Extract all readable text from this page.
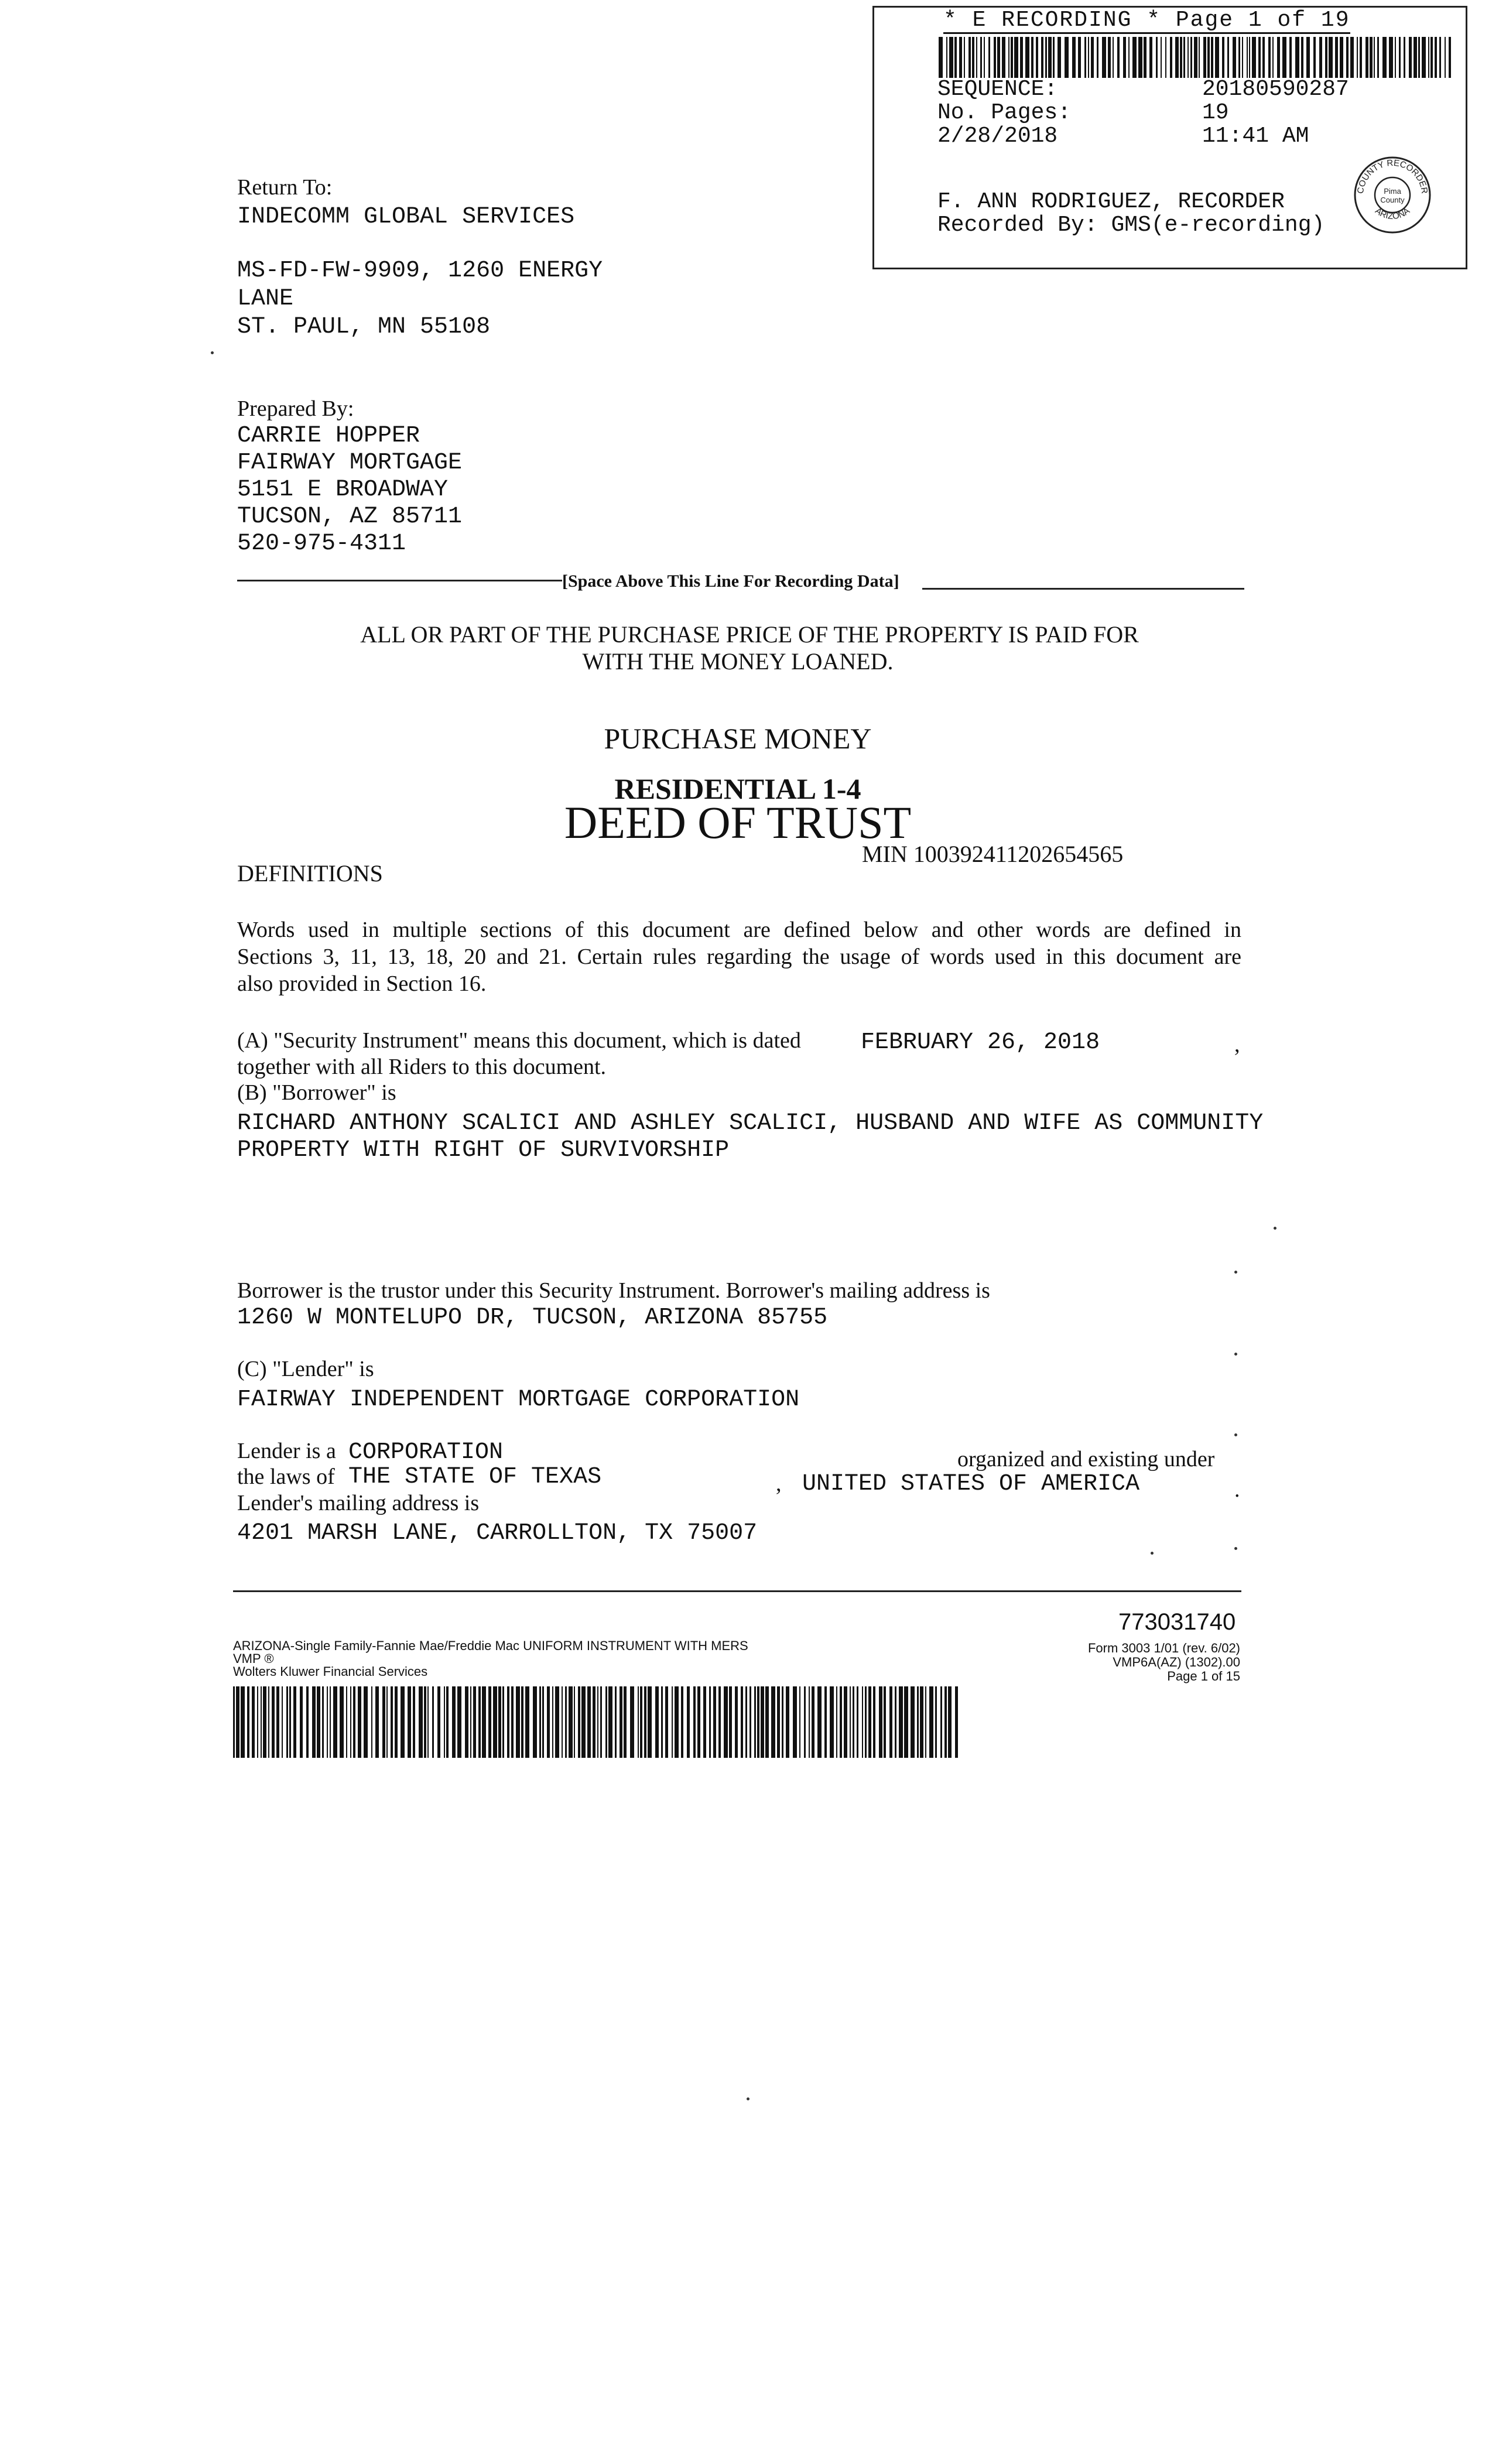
* E RECORDING * Page 1 of 19
SEQUENCE:	20180590287
No. Pages:	19
2/28/2018	11:41 AM
F. ANN RODRIGUEZ, RECORDER
Recorded By: GMS(e-recording)
COUNTY RECORDER
ARIZONA
Pima
County
Return To:
INDECOMM GLOBAL SERVICES
MS-FD-FW-9909, 1260 ENERGY
LANE
ST. PAUL, MN 55108
Prepared By:
CARRIE HOPPER
FAIRWAY MORTGAGE
5151 E BROADWAY
TUCSON, AZ 85711
520-975-4311
[Space Above This Line For Recording Data]
ALL OR PART OF THE PURCHASE PRICE OF THE PROPERTY IS PAID FOR
WITH THE MONEY LOANED.
PURCHASE MONEY
RESIDENTIAL 1-4
DEED OF TRUST
MIN 100392411202654565
DEFINITIONS
Words used in multiple sections of this document are defined below and other words are defined in
Sections 3, 11, 13, 18, 20 and 21. Certain rules regarding the usage of words used in this document are
also provided in Section 16.
(A) "Security Instrument" means this document, which is dated	FEBRUARY 26, 2018	,
together with all Riders to this document.
(B) "Borrower" is
RICHARD ANTHONY SCALICI AND ASHLEY SCALICI, HUSBAND AND WIFE AS COMMUNITY
PROPERTY WITH RIGHT OF SURVIVORSHIP
Borrower is the trustor under this Security Instrument. Borrower's mailing address is
1260 W MONTELUPO DR, TUCSON, ARIZONA 85755
(C) "Lender" is
FAIRWAY INDEPENDENT MORTGAGE CORPORATION
Lender is a CORPORATION	organized and existing under
the laws of THE STATE OF TEXAS	, UNITED STATES OF AMERICA	.
Lender's mailing address is
4201 MARSH LANE, CARROLLTON, TX 75007
773031740
ARIZONA-Single Family-Fannie Mae/Freddie Mac UNIFORM INSTRUMENT WITH MERS
VMP ®
Wolters Kluwer Financial Services
Form 3003 1/01 (rev. 6/02)
VMP6A(AZ) (1302).00
Page 1 of 15
